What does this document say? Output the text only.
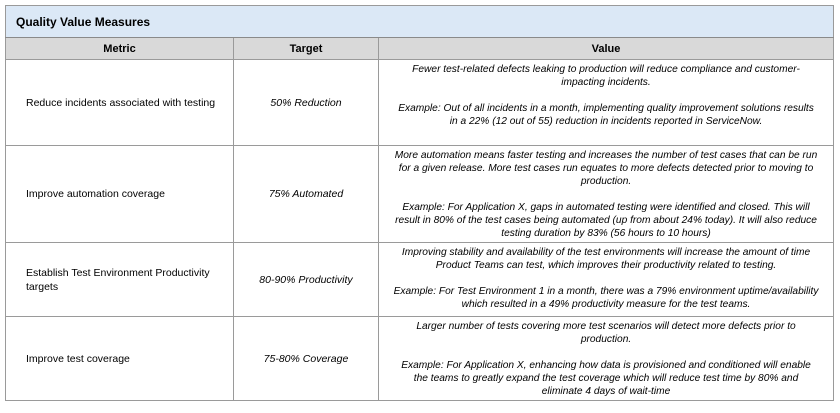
Quality Value Measures		
Metric	Target	Value
Reduce incidents associated with testing	50% Reduction	Fewer test-related defects leaking to production will reduce compliance and customer-impacting incidents.

Example: Out of all incidents in a month, implementing quality improvement solutions results in a 22% (12 out of 55) reduction in incidents reported in ServiceNow.

Improve automation coverage	75% Automated	More automation means faster testing and increases the number of test cases that can be run for a given release. More test cases run equates to more defects detected prior to moving to production.

Example: For Application X, gaps in automated testing were identified and closed. This will result in 80% of the test cases being automated (up from about 24% today). It will also reduce testing duration by 83% (56 hours to 10 hours)

Establish Test Environment Productivity targets	80-90% Productivity	Improving stability and availability of the test environments will increase the amount of time Product Teams can test, which improves their productivity related to testing.

Example: For Test Environment 1 in a month, there was a 79% environment uptime/availability which resulted in a 49% productivity measure for the test teams.

Improve test coverage	75-80% Coverage	Larger number of tests covering more test scenarios will detect more defects prior to production.

Example: For Application X, enhancing how data is provisioned and conditioned will enable the teams to greatly expand the test coverage which will reduce test time by 80% and eliminate 4 days of wait-time
